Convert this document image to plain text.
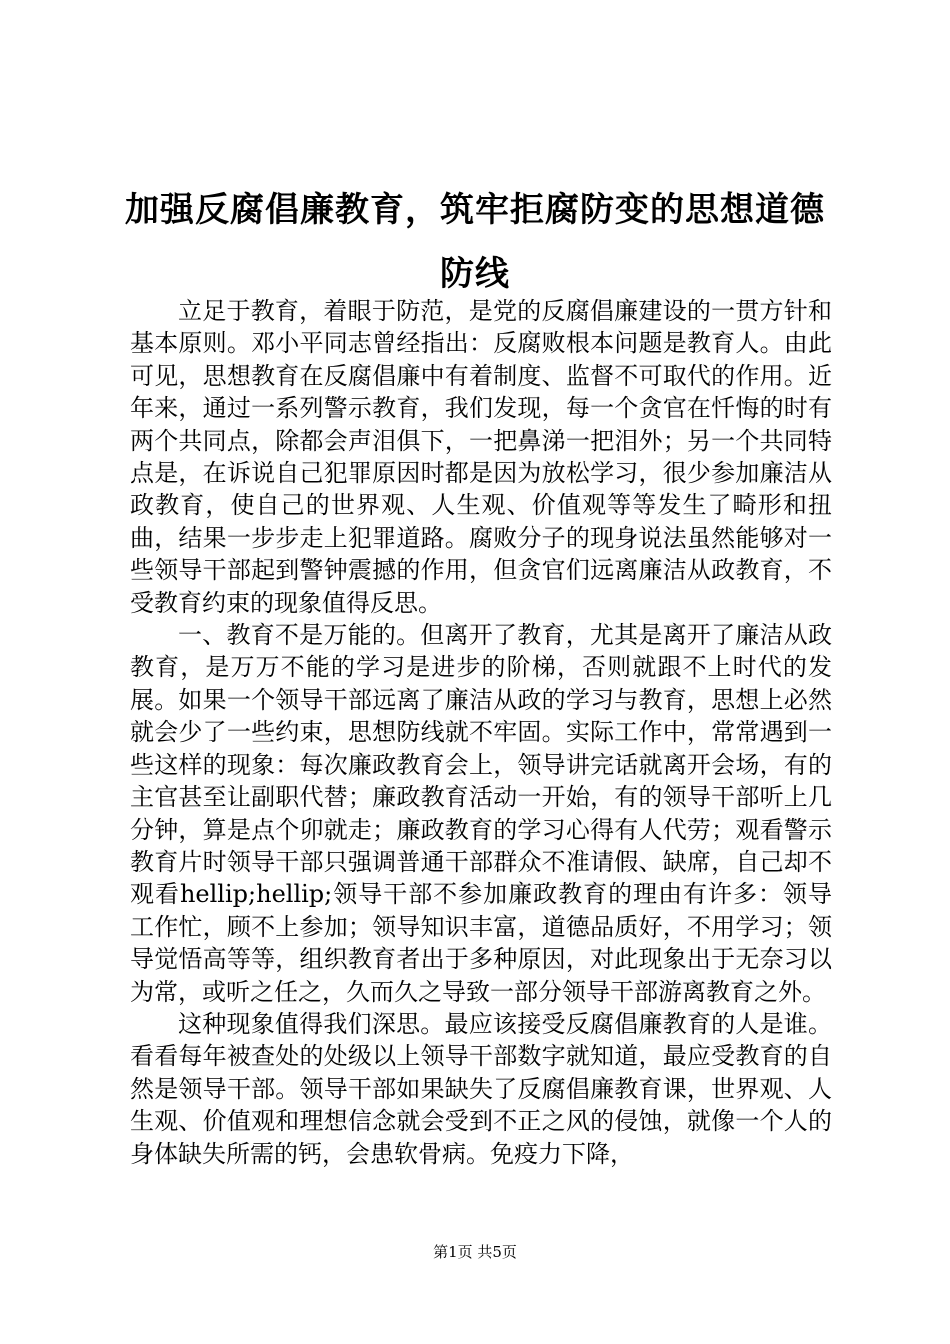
加强反腐倡廉教育，筑牢拒腐防变的思想道德防线

立足于教育，着眼于防范，是党的反腐倡廉建设的一贯方针和基本原则。邓小平同志曾经指出：反腐败根本问题是教育人。由此可见，思想教育在反腐倡廉中有着制度、监督不可取代的作用。近年来，通过一系列警示教育，我们发现，每一个贪官在忏悔的时有两个共同点，除都会声泪俱下，一把鼻涕一把泪外；另一个共同特点是，在诉说自己犯罪原因时都是因为放松学习，很少参加廉洁从政教育，使自己的世界观、人生观、价值观等等发生了畸形和扭曲，结果一步步走上犯罪道路。腐败分子的现身说法虽然能够对一些领导干部起到警钟震撼的作用，但贪官们远离廉洁从政教育，不受教育约束的现象值得反思。

一、教育不是万能的。但离开了教育，尤其是离开了廉洁从政教育，是万万不能的学习是进步的阶梯，否则就跟不上时代的发展。如果一个领导干部远离了廉洁从政的学习与教育，思想上必然就会少了一些约束，思想防线就不牢固。实际工作中，常常遇到一些这样的现象：每次廉政教育会上，领导讲完话就离开会场，有的主官甚至让副职代替；廉政教育活动一开始，有的领导干部听上几分钟，算是点个卯就走；廉政教育的学习心得有人代劳；观看警示教育片时领导干部只强调普通干部群众不准请假、缺席，自己却不观看hellip;hellip;领导干部不参加廉政教育的理由有许多：领导工作忙，顾不上参加；领导知识丰富，道德品质好，不用学习；领导觉悟高等等，组织教育者出于多种原因，对此现象出于无奈习以为常，或听之任之，久而久之导致一部分领导干部游离教育之外。

这种现象值得我们深思。最应该接受反腐倡廉教育的人是谁。看看每年被查处的处级以上领导干部数字就知道，最应受教育的自然是领导干部。领导干部如果缺失了反腐倡廉教育课，世界观、人生观、价值观和理想信念就会受到不正之风的侵蚀，就像一个人的身体缺失所需的钙，会患软骨病。免疫力下降，

第1页 共5页
